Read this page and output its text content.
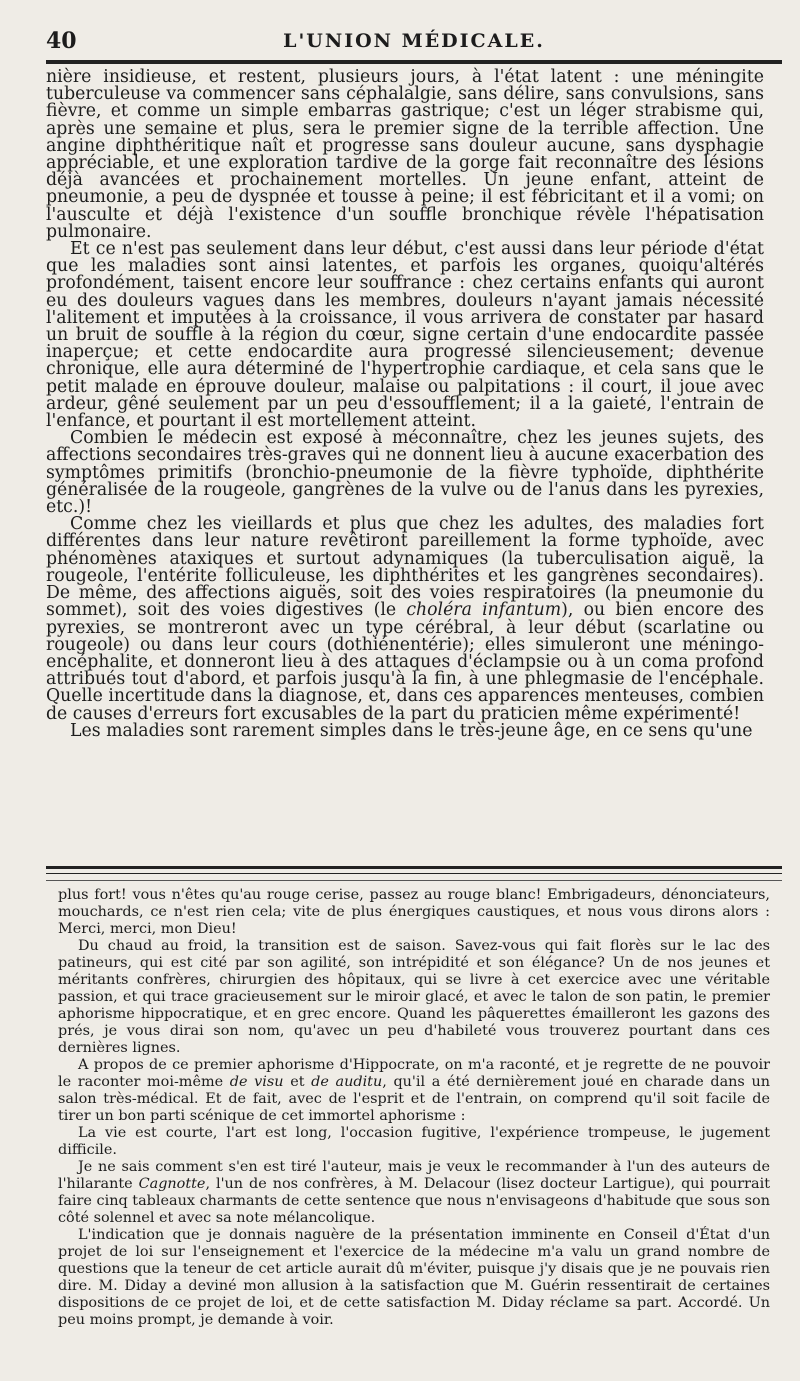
40	L'UNION MÉDICALE.

nière insidieuse, et restent, plusieurs jours, à l'état latent : une méningite tuberculeuse va commencer sans céphalalgie, sans délire, sans convulsions, sans fièvre, et comme un simple embarras gastrique; c'est un léger strabisme qui, après une semaine et plus, sera le premier signe de la terrible affection. Une angine diphthéritique naît et progresse sans douleur aucune, sans dysphagie appréciable, et une exploration tardive de la gorge fait reconnaître des lésions déjà avancées et prochainement mortelles. Un jeune enfant, atteint de pneumonie, a peu de dyspnée et tousse à peine; il est fébricitant et il a vomi; on l'ausculte et déjà l'existence d'un souffle bronchique révèle l'hépatisation pulmonaire.

Et ce n'est pas seulement dans leur début, c'est aussi dans leur période d'état que les maladies sont ainsi latentes, et parfois les organes, quoiqu'altérés profondément, taisent encore leur souffrance : chez certains enfants qui auront eu des douleurs vagues dans les membres, douleurs n'ayant jamais nécessité l'alitement et imputées à la croissance, il vous arrivera de constater par hasard un bruit de souffle à la région du cœur, signe certain d'une endocardite passée inaperçue; et cette endocardite aura progressé silencieusement; devenue chronique, elle aura déterminé de l'hypertrophie cardiaque, et cela sans que le petit malade en éprouve douleur, malaise ou palpitations : il court, il joue avec ardeur, gêné seulement par un peu d'essoufflement; il a la gaieté, l'entrain de l'enfance, et pourtant il est mortellement atteint.

Combien le médecin est exposé à méconnaître, chez les jeunes sujets, des affections secondaires très-graves qui ne donnent lieu à aucune exacerbation des symptômes primitifs (bronchio-pneumonie de la fièvre typhoïde, diphthérite généralisée de la rougeole, gangrènes de la vulve ou de l'anus dans les pyrexies, etc.)!

Comme chez les vieillards et plus que chez les adultes, des maladies fort différentes dans leur nature revêtiront pareillement la forme typhoïde, avec phénomènes ataxiques et surtout adynamiques (la tuberculisation aiguë, la rougeole, l'entérite folliculeuse, les diphthérites et les gangrènes secondaires). De même, des affections aiguës, soit des voies respiratoires (la pneumonie du sommet), soit des voies digestives (le choléra infantum), ou bien encore des pyrexies, se montreront avec un type cérébral, à leur début (scarlatine ou rougeole) ou dans leur cours (dothiénentérie); elles simuleront une méningo-encéphalite, et donneront lieu à des attaques d'éclampsie ou à un coma profond attribués tout d'abord, et parfois jusqu'à la fin, à une phlegmasie de l'encéphale. Quelle incertitude dans la diagnose, et, dans ces apparences menteuses, combien de causes d'erreurs fort excusables de la part du praticien même expérimenté!

Les maladies sont rarement simples dans le très-jeune âge, en ce sens qu'une

plus fort! vous n'êtes qu'au rouge cerise, passez au rouge blanc! Embrigadeurs, dénonciateurs, mouchards, ce n'est rien cela; vite de plus énergiques caustiques, et nous vous dirons alors : Merci, merci, mon Dieu!

Du chaud au froid, la transition est de saison. Savez-vous qui fait florès sur le lac des patineurs, qui est cité par son agilité, son intrépidité et son élégance? Un de nos jeunes et méritants confrères, chirurgien des hôpitaux, qui se livre à cet exercice avec une véritable passion, et qui trace gracieusement sur le miroir glacé, et avec le talon de son patin, le premier aphorisme hippocratique, et en grec encore. Quand les pâquerettes émailleront les gazons des prés, je vous dirai son nom, qu'avec un peu d'habileté vous trouverez pourtant dans ces dernières lignes.

A propos de ce premier aphorisme d'Hippocrate, on m'a raconté, et je regrette de ne pouvoir le raconter moi-même de visu et de auditu, qu'il a été dernièrement joué en charade dans un salon très-médical. Et de fait, avec de l'esprit et de l'entrain, on comprend qu'il soit facile de tirer un bon parti scénique de cet immortel aphorisme :

La vie est courte, l'art est long, l'occasion fugitive, l'expérience trompeuse, le jugement difficile.

Je ne sais comment s'en est tiré l'auteur, mais je veux le recommander à l'un des auteurs de l'hilarante Cagnotte, l'un de nos confrères, à M. Delacour (lisez docteur Lartigue), qui pourrait faire cinq tableaux charmants de cette sentence que nous n'envisageons d'habitude que sous son côté solennel et avec sa note mélancolique.

L'indication que je donnais naguère de la présentation imminente en Conseil d'État d'un projet de loi sur l'enseignement et l'exercice de la médecine m'a valu un grand nombre de questions que la teneur de cet article aurait dû m'éviter, puisque j'y disais que je ne pouvais rien dire. M. Diday a deviné mon allusion à la satisfaction que M. Guérin ressentirait de certaines dispositions de ce projet de loi, et de cette satisfaction M. Diday réclame sa part. Accordé. Un peu moins prompt, je demande à voir.
